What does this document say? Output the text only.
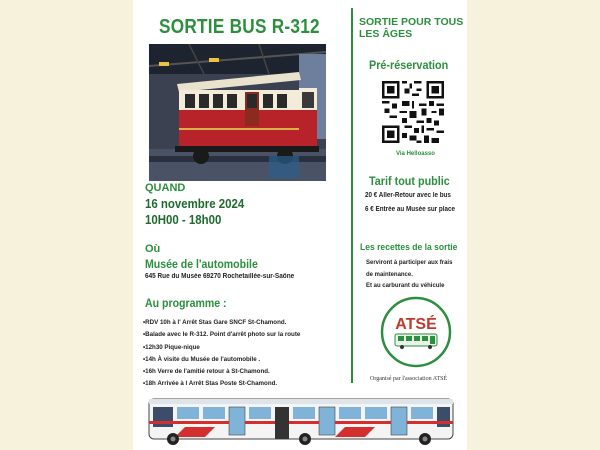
SORTIE BUS R-312
QUAND
16 novembre 2024
10H00 - 18h00
Où
Musée de l'automobile
645 Rue du Musée 69270 Rochetaillée-sur-Saône
Au programme :
•RDV 10h à l' Arrêt Stas Gare SNCF St-Chamond.
•Balade avec le R-312. Point d'arrêt photo sur la route
•12h30 Pique-nique
•14h À visite du Musée de l'automobile .
•16h Verre de l'amitié retour à St-Chamond.
•18h Arrivée à l Arrêt Stas Poste St-Chamond.
SORTIE POUR TOUS
LES ÂGES
Pré-réservation
Via Helloasso
Tarif tout public
20 € Aller-Retour avec le bus
6 € Entrée au Musée sur place
Les recettes de la sortie
Serviront à participer aux frais
de maintenance.
Et au carburant du véhicule
ATSÉ
Organisé par l'association ATSÉ
